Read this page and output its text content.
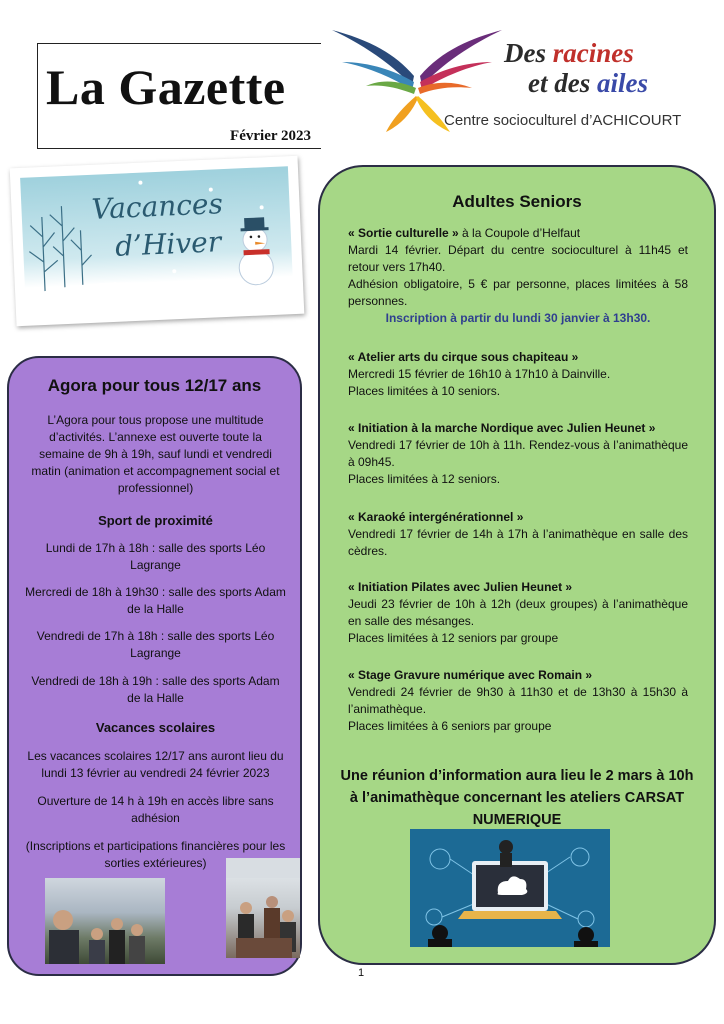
La Gazette
Février 2023
Des racines
et des ailes
Centre socioculturel d’ACHICOURT
Vacances
d’Hiver
Agora pour tous 12/17 ans
L’Agora pour tous propose une multitude d’activités. L’annexe est ouverte toute la semaine de 9h à 19h, sauf lundi et vendredi matin (animation et accompagnement social et professionnel)
Sport de proximité
Lundi de 17h à 18h : salle des sports Léo Lagrange
Mercredi de 18h à 19h30 : salle des sports Adam de la Halle
Vendredi de 17h à 18h : salle des sports Léo Lagrange
Vendredi de 18h à 19h : salle des sports Adam de la Halle
Vacances scolaires
Les vacances scolaires 12/17 ans auront lieu du lundi 13 février au vendredi 24 février 2023
Ouverture de 14 h à 19h en accès libre sans adhésion
(Inscriptions et participations financières pour les sorties extérieures)
Adultes Seniors
« Sortie culturelle » à la Coupole d’Helfaut
Mardi 14 février. Départ du centre socioculturel à 11h45 et retour vers 17h40.
Adhésion obligatoire, 5 € par personne, places limitées à 58 personnes.
Inscription à partir du lundi 30 janvier à 13h30.
« Atelier arts du cirque sous chapiteau »
Mercredi 15 février de 16h10 à 17h10 à Dainville.
Places limitées à 10 seniors.
« Initiation à la marche Nordique avec Julien Heunet »
Vendredi 17 février de 10h à 11h. Rendez-vous à l’animathèque à 09h45.
Places limitées à 12 seniors.
« Karaoké intergénérationnel »
Vendredi 17 février de 14h à 17h à l’animathèque en salle des cèdres.
« Initiation Pilates avec Julien Heunet »
Jeudi 23 février de 10h à 12h (deux groupes) à l’animathèque en salle des mésanges.
Places limitées à 12 seniors par groupe
« Stage Gravure numérique avec Romain »
Vendredi 24 février de 9h30 à 11h30 et de 13h30 à 15h30 à l’animathèque.
Places limitées à 6 seniors par groupe
Une réunion d’information aura lieu le 2 mars à 10h à l’animathèque concernant les ateliers CARSAT NUMERIQUE
1
